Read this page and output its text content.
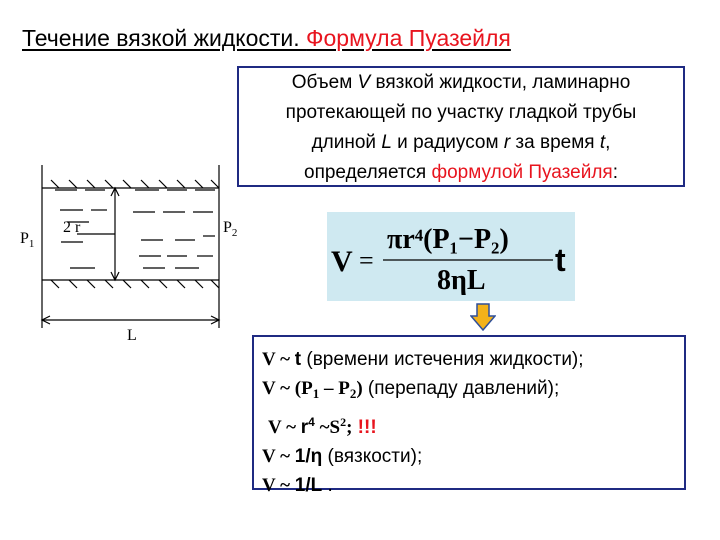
Течение вязкой жидкости. Формула Пуазейля
Объем V вязкой жидкости, ламинарно
протекающей по участку гладкой трубы
длиной L и радиусом r за время t,
определяется формулой Пуазейля:
$P_1$
$P_2$
2 r
L
V =
πr⁴(P₁−P₂)
8ηL
t
V ~ t (времени истечения жидкости);
V ~ $(P_1 - P_2)$ (перепаду давлений);
V ~ $r^4$ $\sim S^2$; !!!
V ~ 1/η (вязкости);
V ~ 1/L .
